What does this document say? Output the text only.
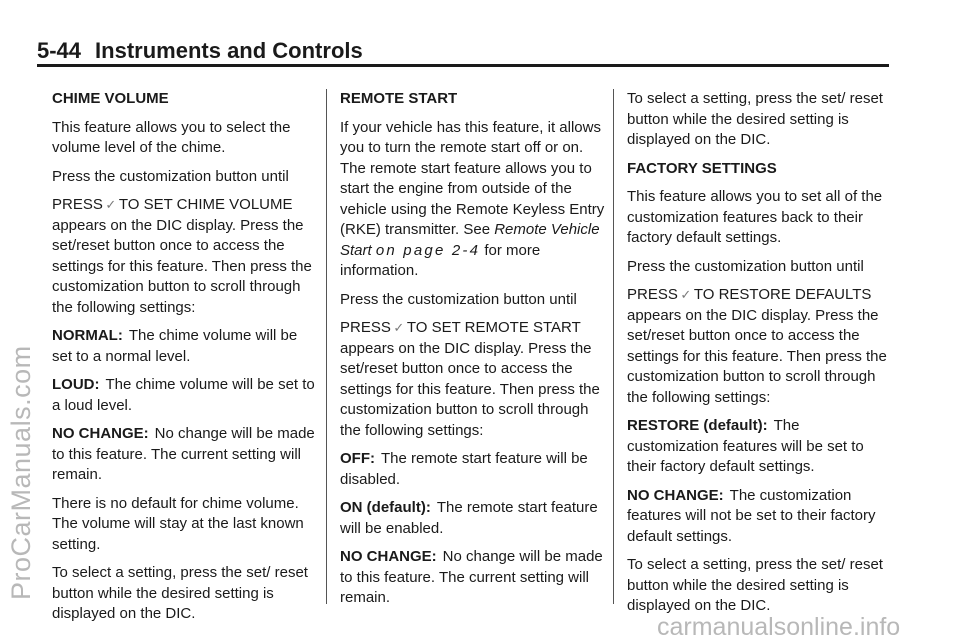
5-44 Instruments and Controls

CHIME VOLUME

This feature allows you to select the volume level of the chime.

Press the customization button until

PRESS ✓ TO SET CHIME VOLUME appears on the DIC display. Press the set/reset button once to access the settings for this feature. Then press the customization button to scroll through the following settings:

NORMAL: The chime volume will be set to a normal level.

LOUD: The chime volume will be set to a loud level.

NO CHANGE: No change will be made to this feature. The current setting will remain.

There is no default for chime volume. The volume will stay at the last known setting.

To select a setting, press the set/ reset button while the desired setting is displayed on the DIC.

REMOTE START

If your vehicle has this feature, it allows you to turn the remote start off or on. The remote start feature allows you to start the engine from outside of the vehicle using the Remote Keyless Entry (RKE) transmitter. See Remote Vehicle Start on page 2-4 for more information.

Press the customization button until

PRESS ✓ TO SET REMOTE START appears on the DIC display. Press the set/reset button once to access the settings for this feature. Then press the customization button to scroll through the following settings:

OFF: The remote start feature will be disabled.

ON (default): The remote start feature will be enabled.

NO CHANGE: No change will be made to this feature. The current setting will remain.

To select a setting, press the set/ reset button while the desired setting is displayed on the DIC.

FACTORY SETTINGS

This feature allows you to set all of the customization features back to their factory default settings.

Press the customization button until

PRESS ✓ TO RESTORE DEFAULTS appears on the DIC display. Press the set/reset button once to access the settings for this feature. Then press the customization button to scroll through the following settings:

RESTORE (default): The customization features will be set to their factory default settings.

NO CHANGE: The customization features will not be set to their factory default settings.

To select a setting, press the set/ reset button while the desired setting is displayed on the DIC.

ProCarManuals.com
carmanualsonline.info
